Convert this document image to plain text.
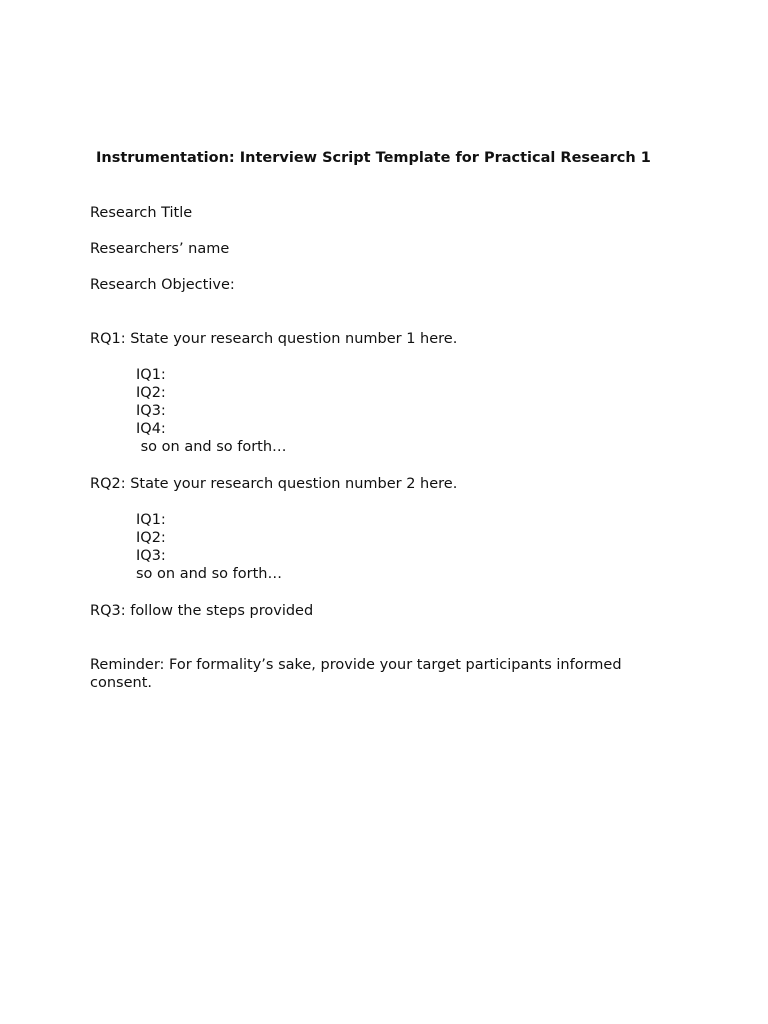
Instrumentation: Interview Script Template for Practical Research 1
Research Title
Researchers’ name
Research Objective:
RQ1: State your research question number 1 here.
IQ1:
IQ2:
IQ3:
IQ4:
so on and so forth…
RQ2: State your research question number 2 here.
IQ1:
IQ2:
IQ3:
so on and so forth…
RQ3: follow the steps provided
Reminder: For formality’s sake, provide your target participants informed consent.
